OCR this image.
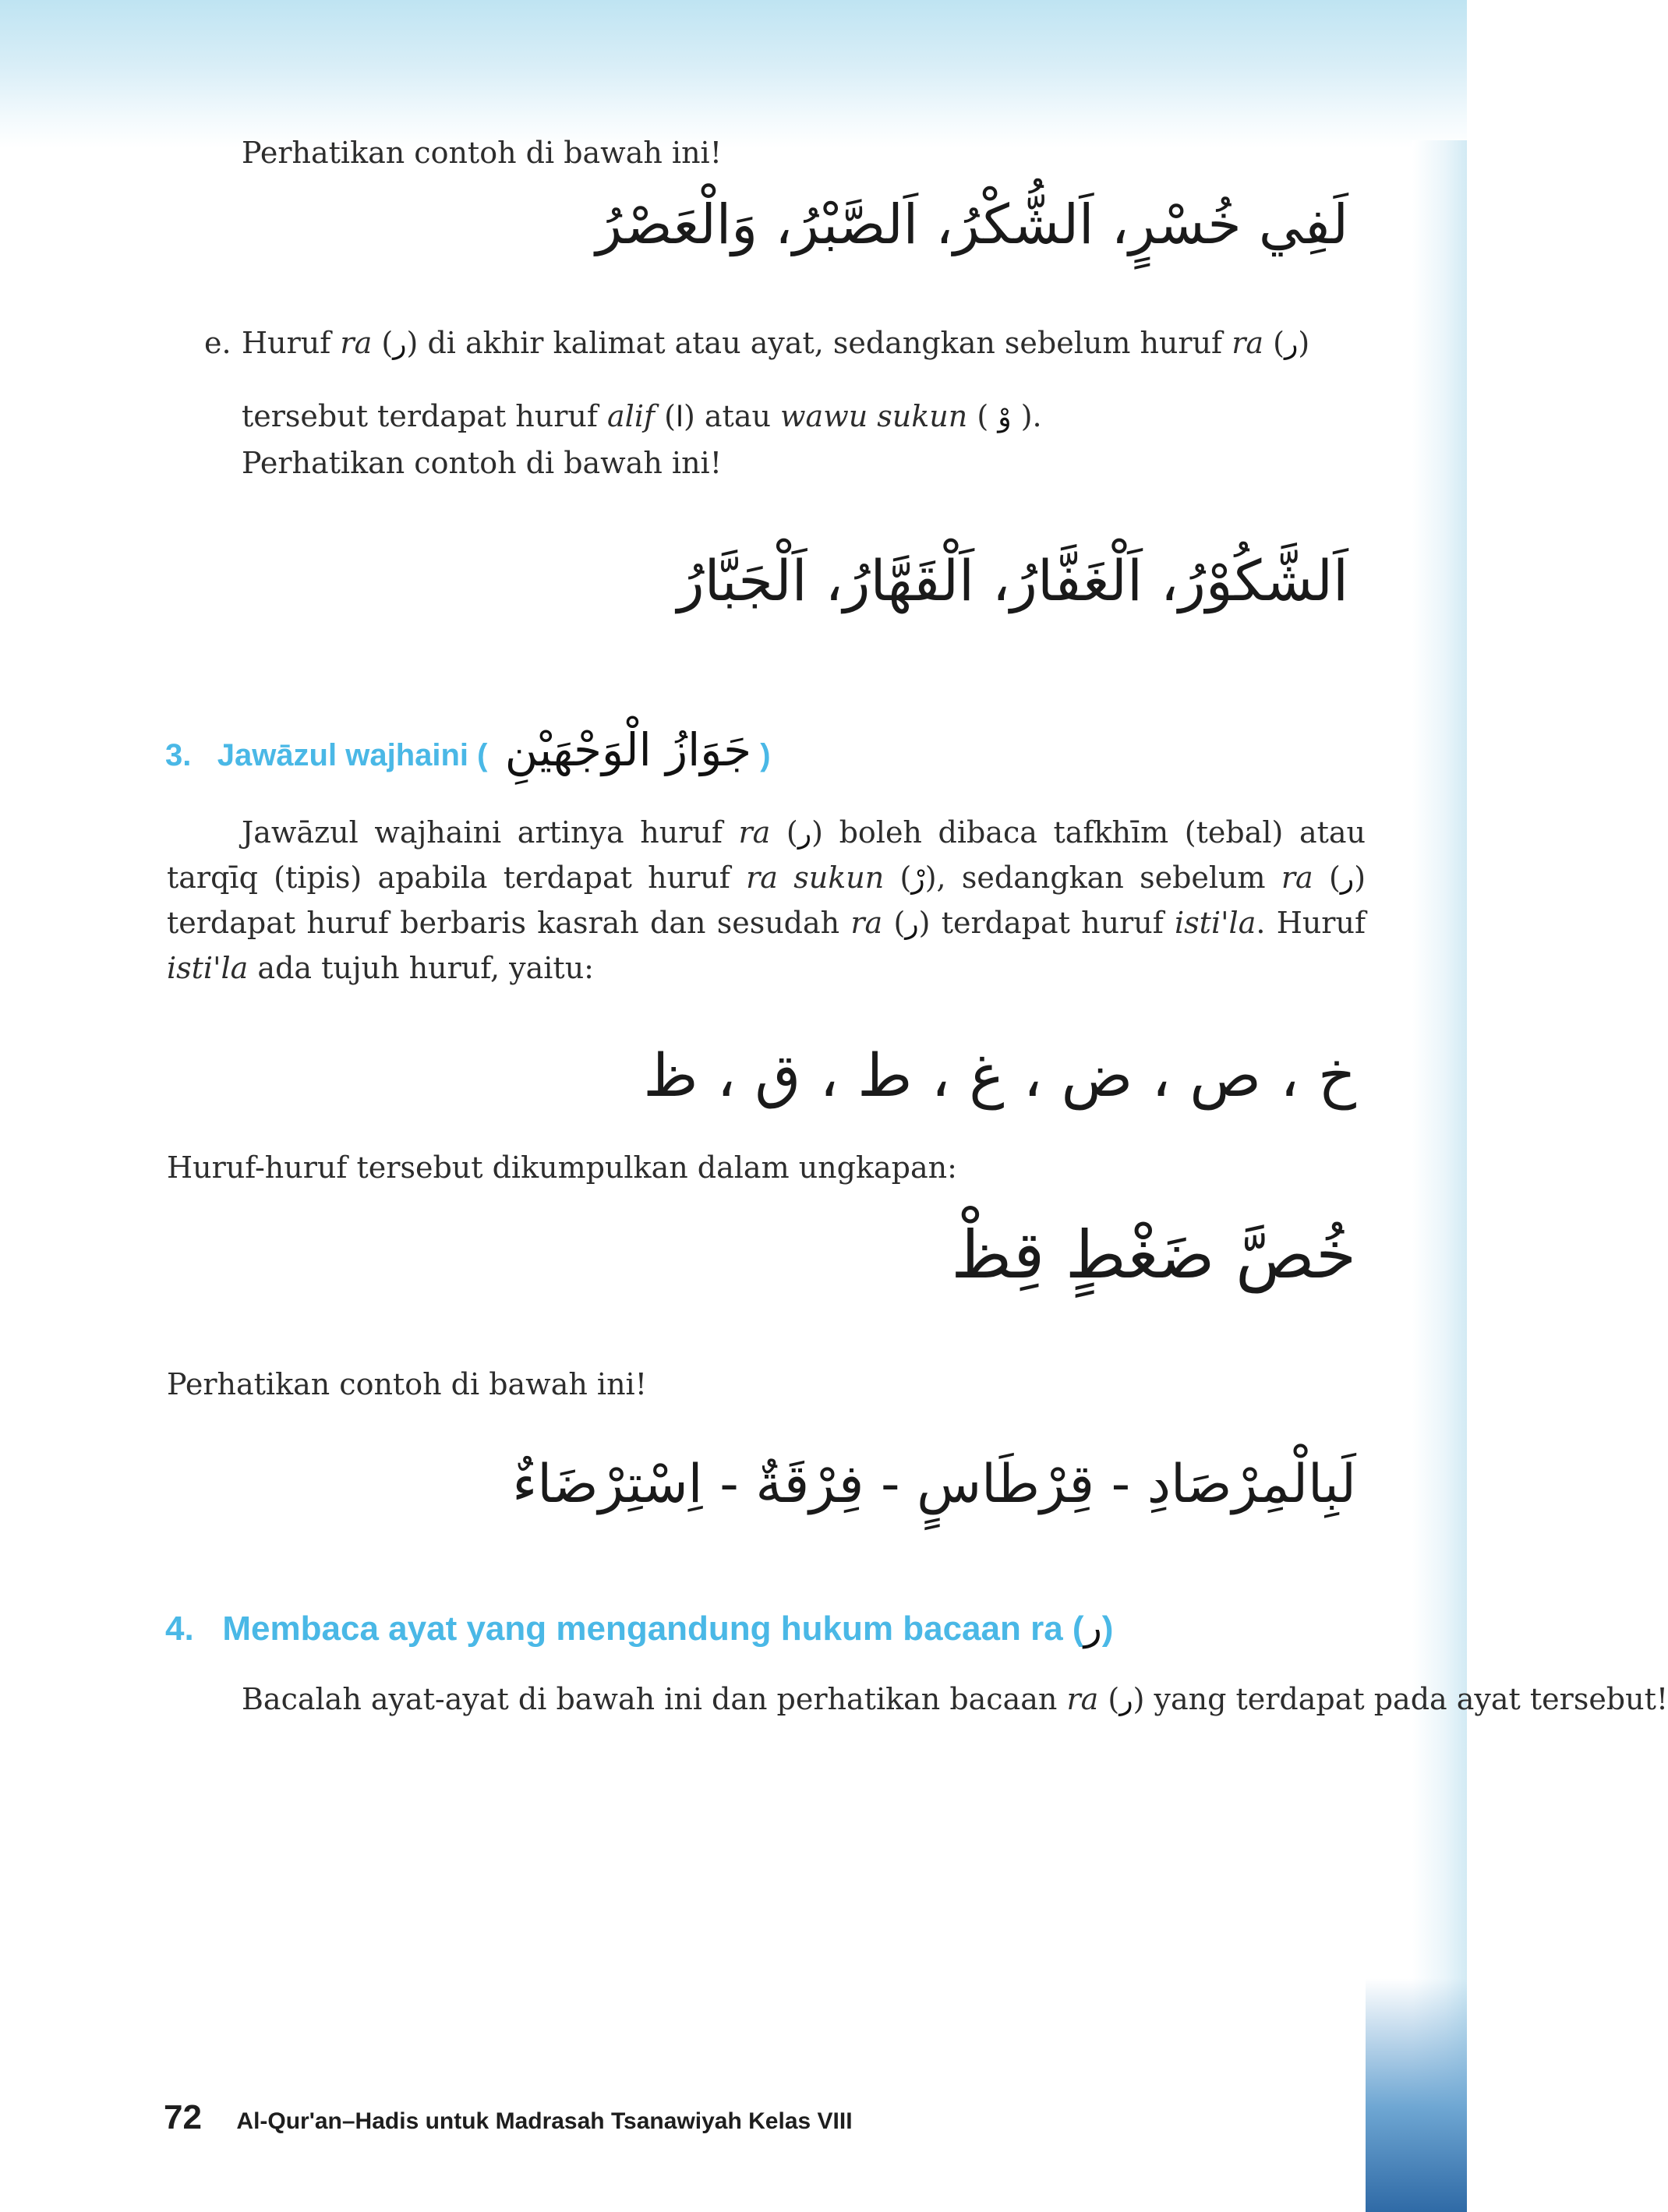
Perhatikan contoh di bawah ini!

لَفِي خُسْرٍ، اَلشُّكْرُ، اَلصَّبْرُ، وَالْعَصْرُ

e. Huruf ra (ر) di akhir kalimat atau ayat, sedangkan sebelum huruf ra (ر)

tersebut terdapat huruf alif (ا) atau wawu sukun ( وْ ).

Perhatikan contoh di bawah ini!

اَلشَّكُوْرُ، اَلْغَفَّارُ، اَلْقَهَّارُ، اَلْجَبَّارُ

3. Jawāzul wajhaini ( جَوَازُ الْوَجْهَيْنِ )

Jawāzul wajhaini artinya huruf ra (ر) boleh dibaca tafkhīm (tebal) atau tarqīq (tipis) apabila terdapat huruf ra sukun (رْ), sedangkan sebelum ra (ر) terdapat huruf berbaris kasrah dan sesudah ra (ر) terdapat huruf isti'la. Huruf isti'la ada tujuh huruf, yaitu:

خ ، ص ، ض ، غ ، ط ، ق ، ظ

Huruf-huruf tersebut dikumpulkan dalam ungkapan:

خُصَّ ضَغْطٍ قِظْ

Perhatikan contoh di bawah ini!

لَبِالْمِرْصَادِ - قِرْطَاسٍ - فِرْقَةٌ - اِسْتِرْضَاءٌ

4. Membaca ayat yang mengandung hukum bacaan ra (ر)

Bacalah ayat-ayat di bawah ini dan perhatikan bacaan ra (ر) yang terdapat pada ayat tersebut!

72 Al-Qur'an–Hadis untuk Madrasah Tsanawiyah Kelas VIII
